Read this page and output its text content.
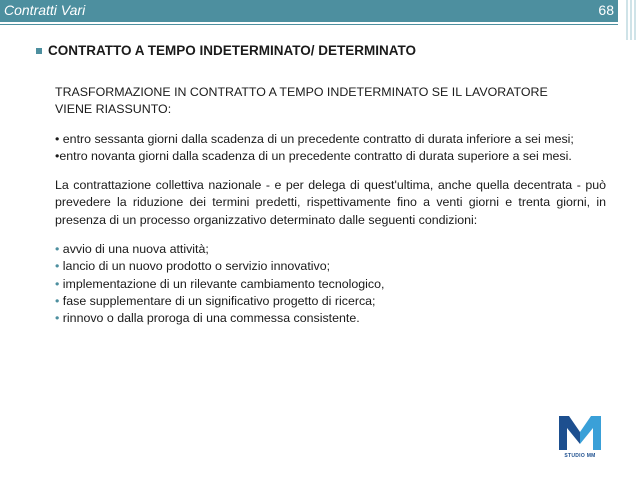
Contratti Vari	68
CONTRATTO A TEMPO INDETERMINATO/ DETERMINATO

TRASFORMAZIONE IN CONTRATTO A TEMPO INDETERMINATO SE IL LAVORATORE

VIENE RIASSUNTO:

• entro sessanta giorni dalla scadenza di un precedente contratto di durata inferiore a sei mesi;

•entro novanta giorni dalla scadenza di un precedente contratto di durata superiore a sei mesi.

La contrattazione collettiva nazionale - e per delega di quest'ultima, anche quella decentrata - può prevedere la riduzione dei termini predetti, rispettivamente fino a venti giorni e trenta giorni, in presenza di un processo organizzativo determinato dalle seguenti condizioni:

• avvio di una nuova attività;

• lancio di un nuovo prodotto o servizio innovativo;

• implementazione di un rilevante cambiamento tecnologico,

• fase supplementare di un significativo progetto di ricerca;

• rinnovo o dalla proroga di una commessa consistente.

STUDIO MM
